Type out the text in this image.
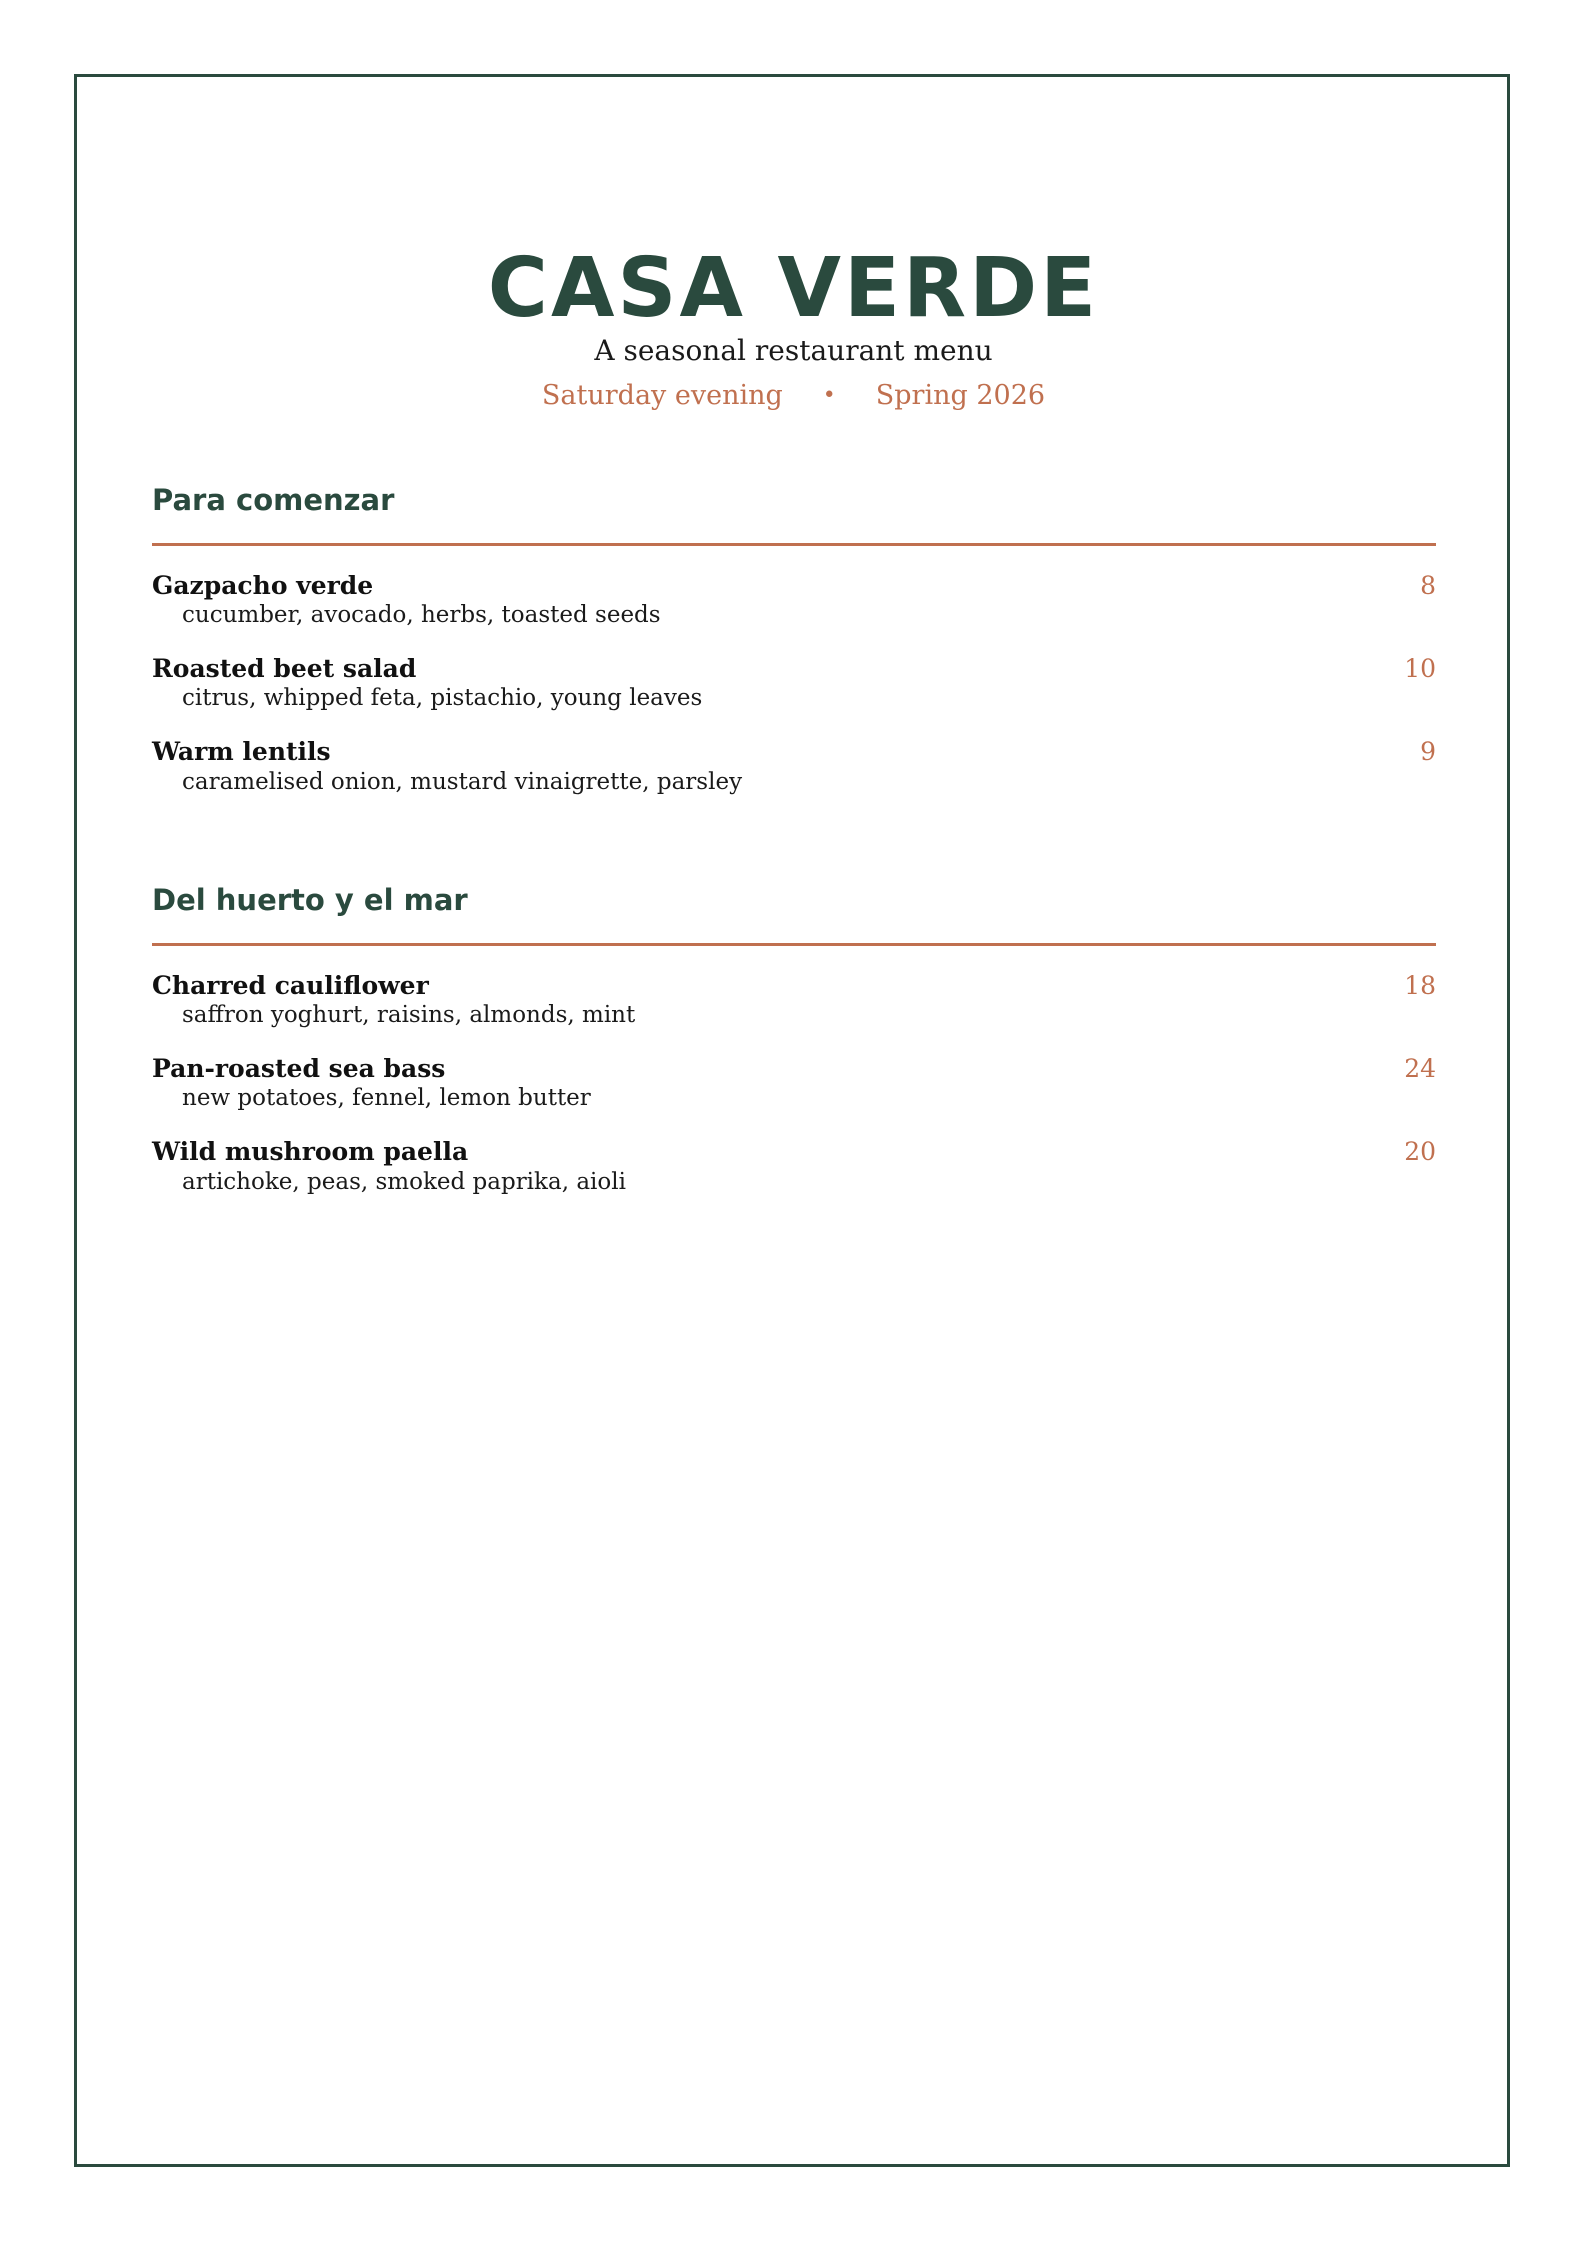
CASA VERDE
A seasonal restaurant menu
Saturday evening • Spring 2026
Para comenzar
Gazpacho verde
cucumber, avocado, herbs, toasted seeds
8
Roasted beet salad
citrus, whipped feta, pistachio, young leaves
10
Warm lentils
caramelised onion, mustard vinaigrette, parsley
9
Del huerto y el mar
Charred cauliflower
saffron yoghurt, raisins, almonds, mint
18
Pan-roasted sea bass
new potatoes, fennel, lemon butter
24
Wild mushroom paella
artichoke, peas, smoked paprika, aioli
20
